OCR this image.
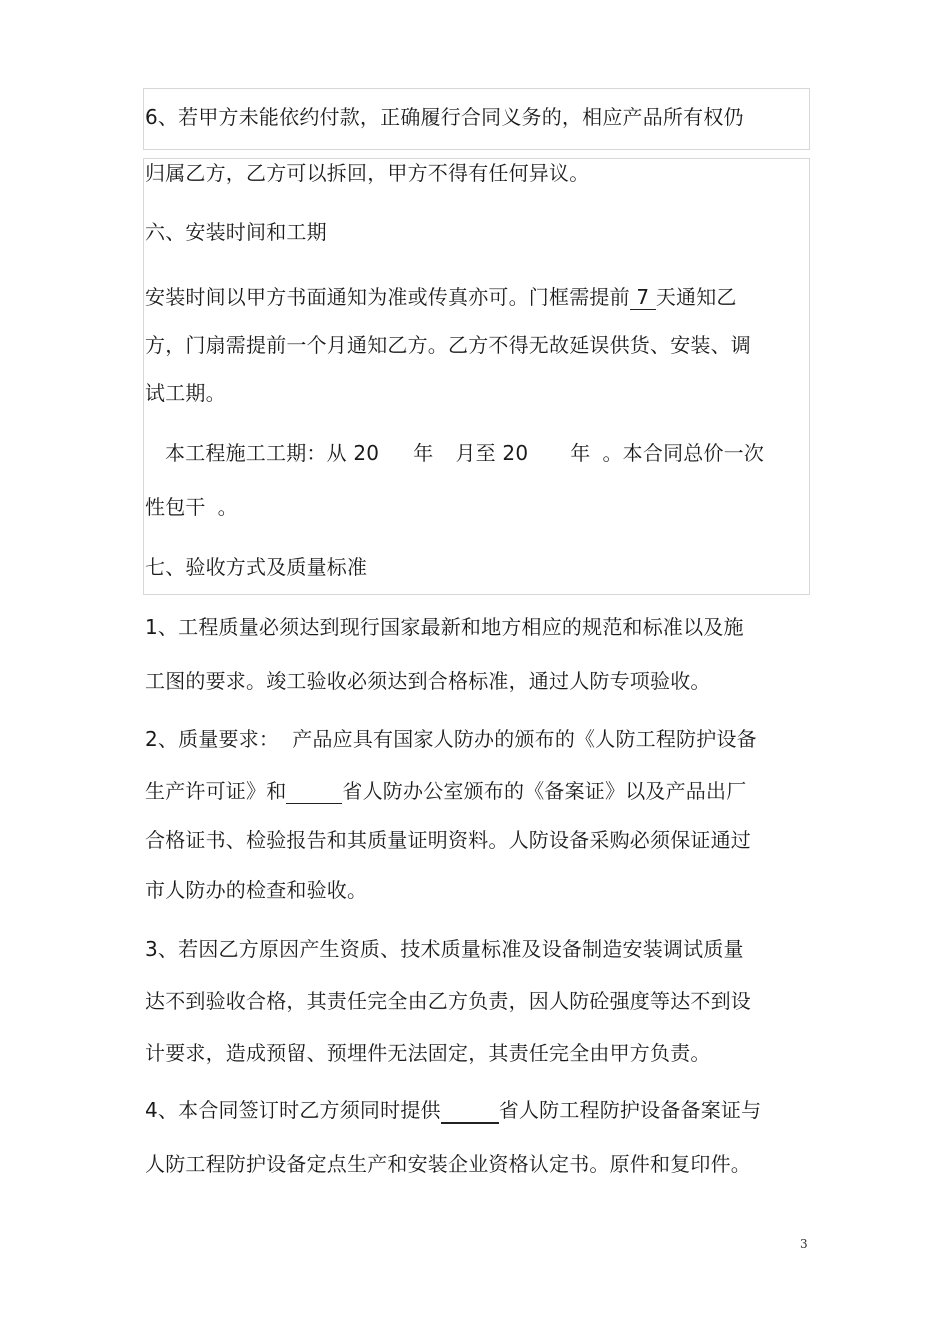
6、若甲方未能依约付款，正确履行合同义务的，相应产品所有权仍
归属乙方，乙方可以拆回，甲方不得有任何异议。
六、安装时间和工期
安装时间以甲方书面通知为准或传真亦可。门框需提前 7 天通知乙
方，门扇需提前一个月通知乙方。乙方不得无故延误供货、安装、调
试工期。
本工程施工工期：从 20 年 月至 20 年 。本合同总价一次
性包干 。
七、验收方式及质量标准
1、工程质量必须达到现行国家最新和地方相应的规范和标准以及施
工图的要求。竣工验收必须达到合格标准，通过人防专项验收。
2、质量要求：  产品应具有国家人防办的颁布的《人防工程防护设备
生产许可证》和	省人防办公室颁布的《备案证》以及产品出厂
合格证书、检验报告和其质量证明资料。人防设备采购必须保证通过
市人防办的检查和验收。
3、若因乙方原因产生资质、技术质量标准及设备制造安装调试质量
达不到验收合格，其责任完全由乙方负责，因人防砼强度等达不到设
计要求，造成预留、预埋件无法固定，其责任完全由甲方负责。
4、本合同签订时乙方须同时提供	省人防工程防护设备备案证与
人防工程防护设备定点生产和安装企业资格认定书。原件和复印件。
3
